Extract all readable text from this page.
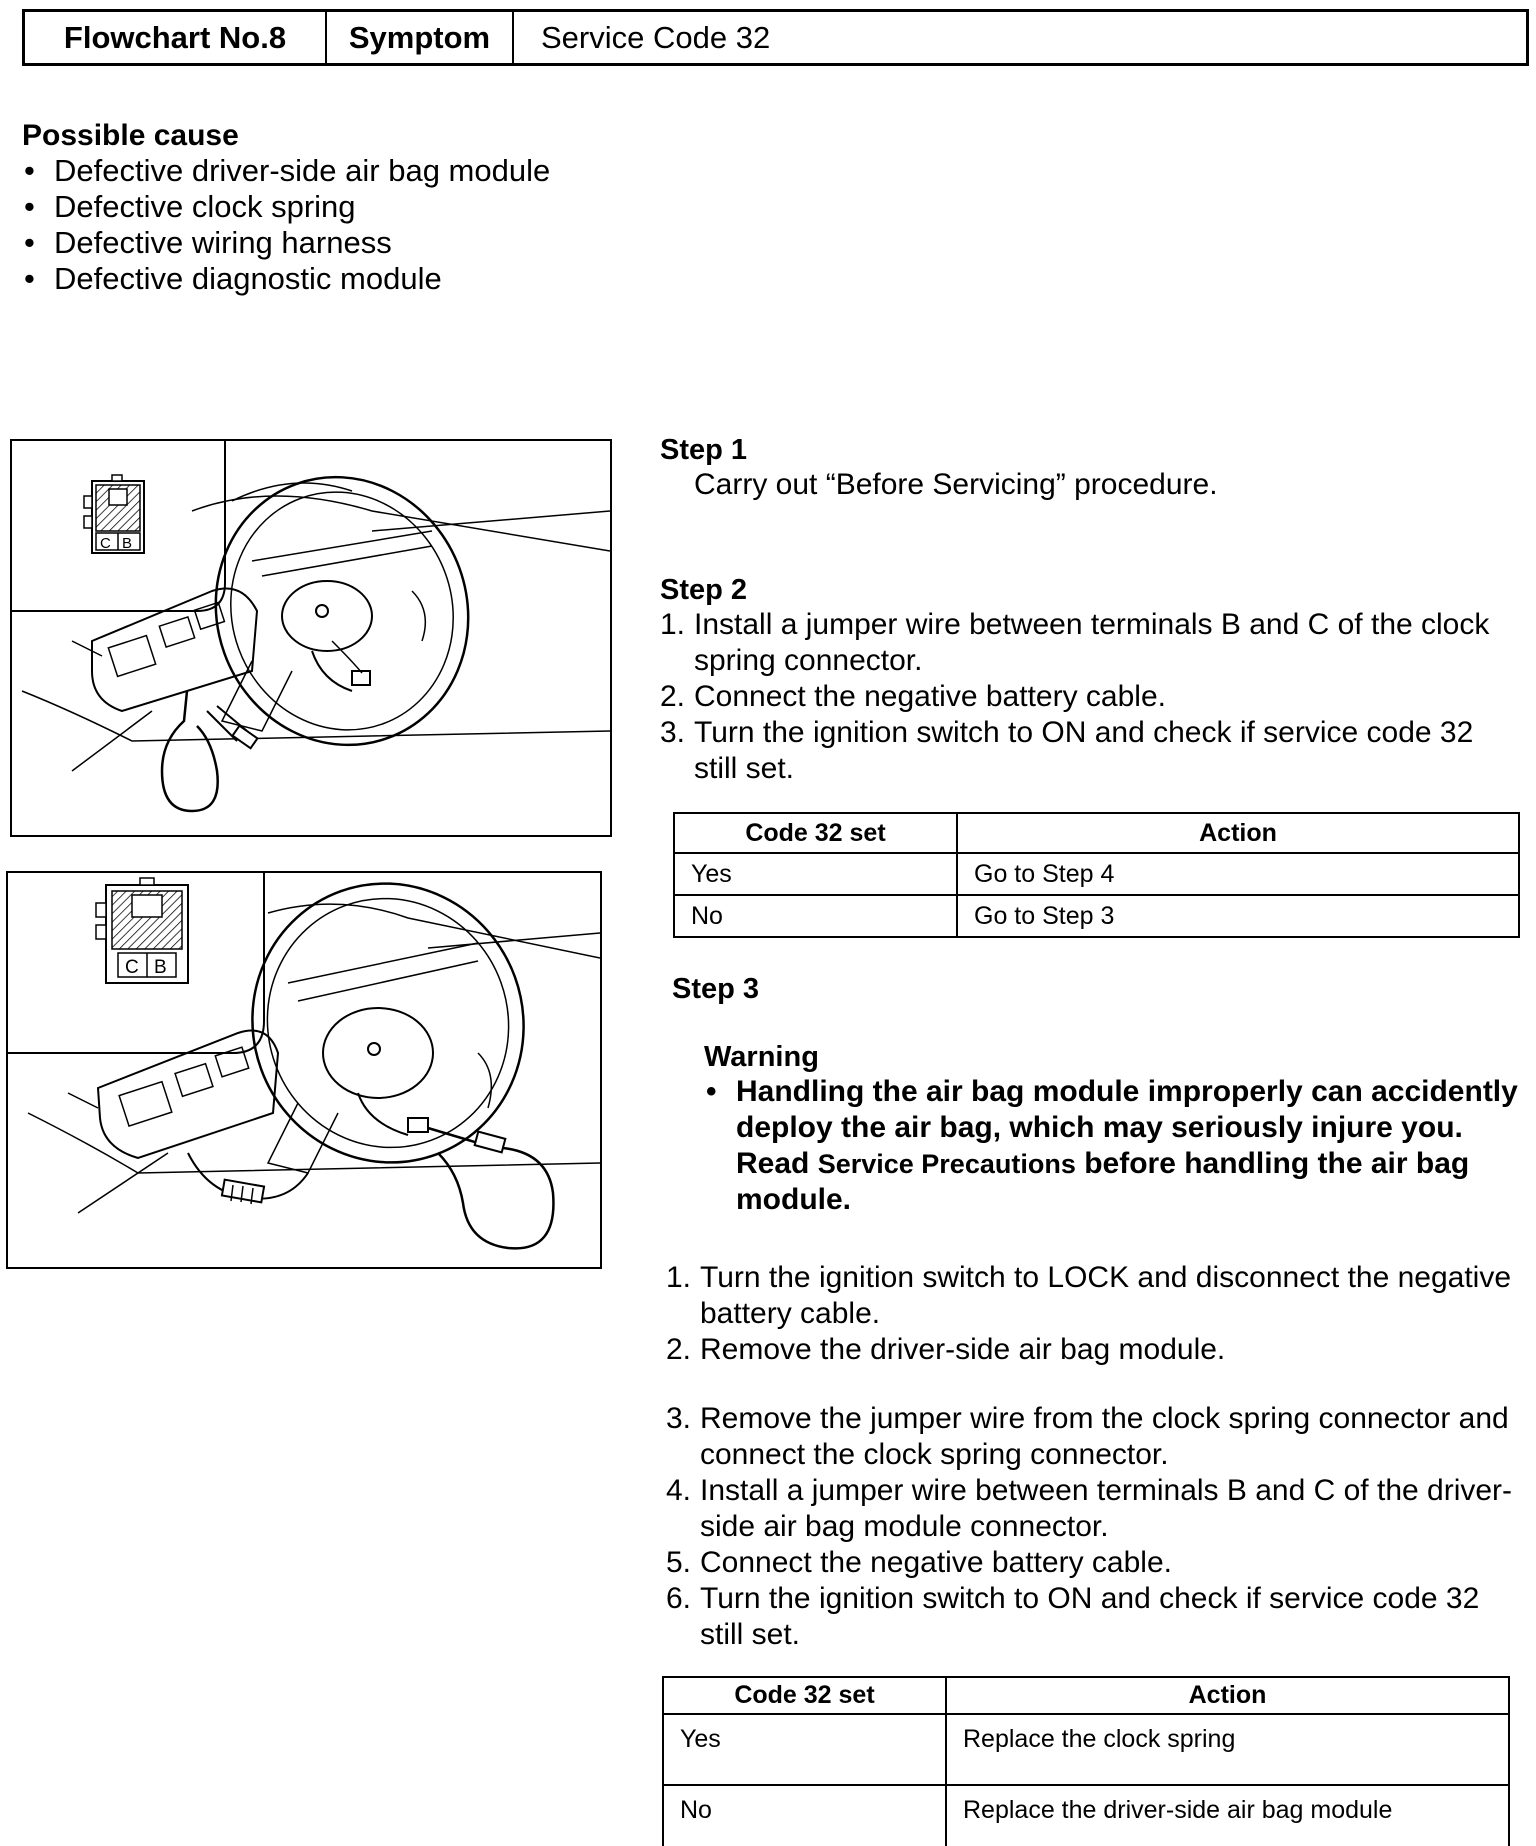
Flowchart No.8	Symptom	Service Code 32
Possible cause
• Defective driver-side air bag module
• Defective clock spring
• Defective wiring harness
• Defective diagnostic module
C B
C B
Step 1
Carry out “Before Servicing” procedure.
Step 2
1. Install a jumper wire between terminals B and C of the clock spring connector.
2. Connect the negative battery cable.
3. Turn the ignition switch to ON and check if service code 32 still set.
Code 32 set	Action
Yes	Go to Step 4
No	Go to Step 3
Step 3
Warning

• Handling the air bag module improperly can accidently deploy the air bag, which may seriously injure you. Read Service Precautions before handling the air bag module.

1. Turn the ignition switch to LOCK and disconnect the negative battery cable.
2. Remove the driver-side air bag module.
3. Remove the jumper wire from the clock spring connector and connect the clock spring connector.
4. Install a jumper wire between terminals B and C of the driver-side air bag module connector.
5. Connect the negative battery cable.
6. Turn the ignition switch to ON and check if service code 32 still set.
Code 32 set	Action
Yes	Replace the clock spring
No	Replace the driver-side air bag module
